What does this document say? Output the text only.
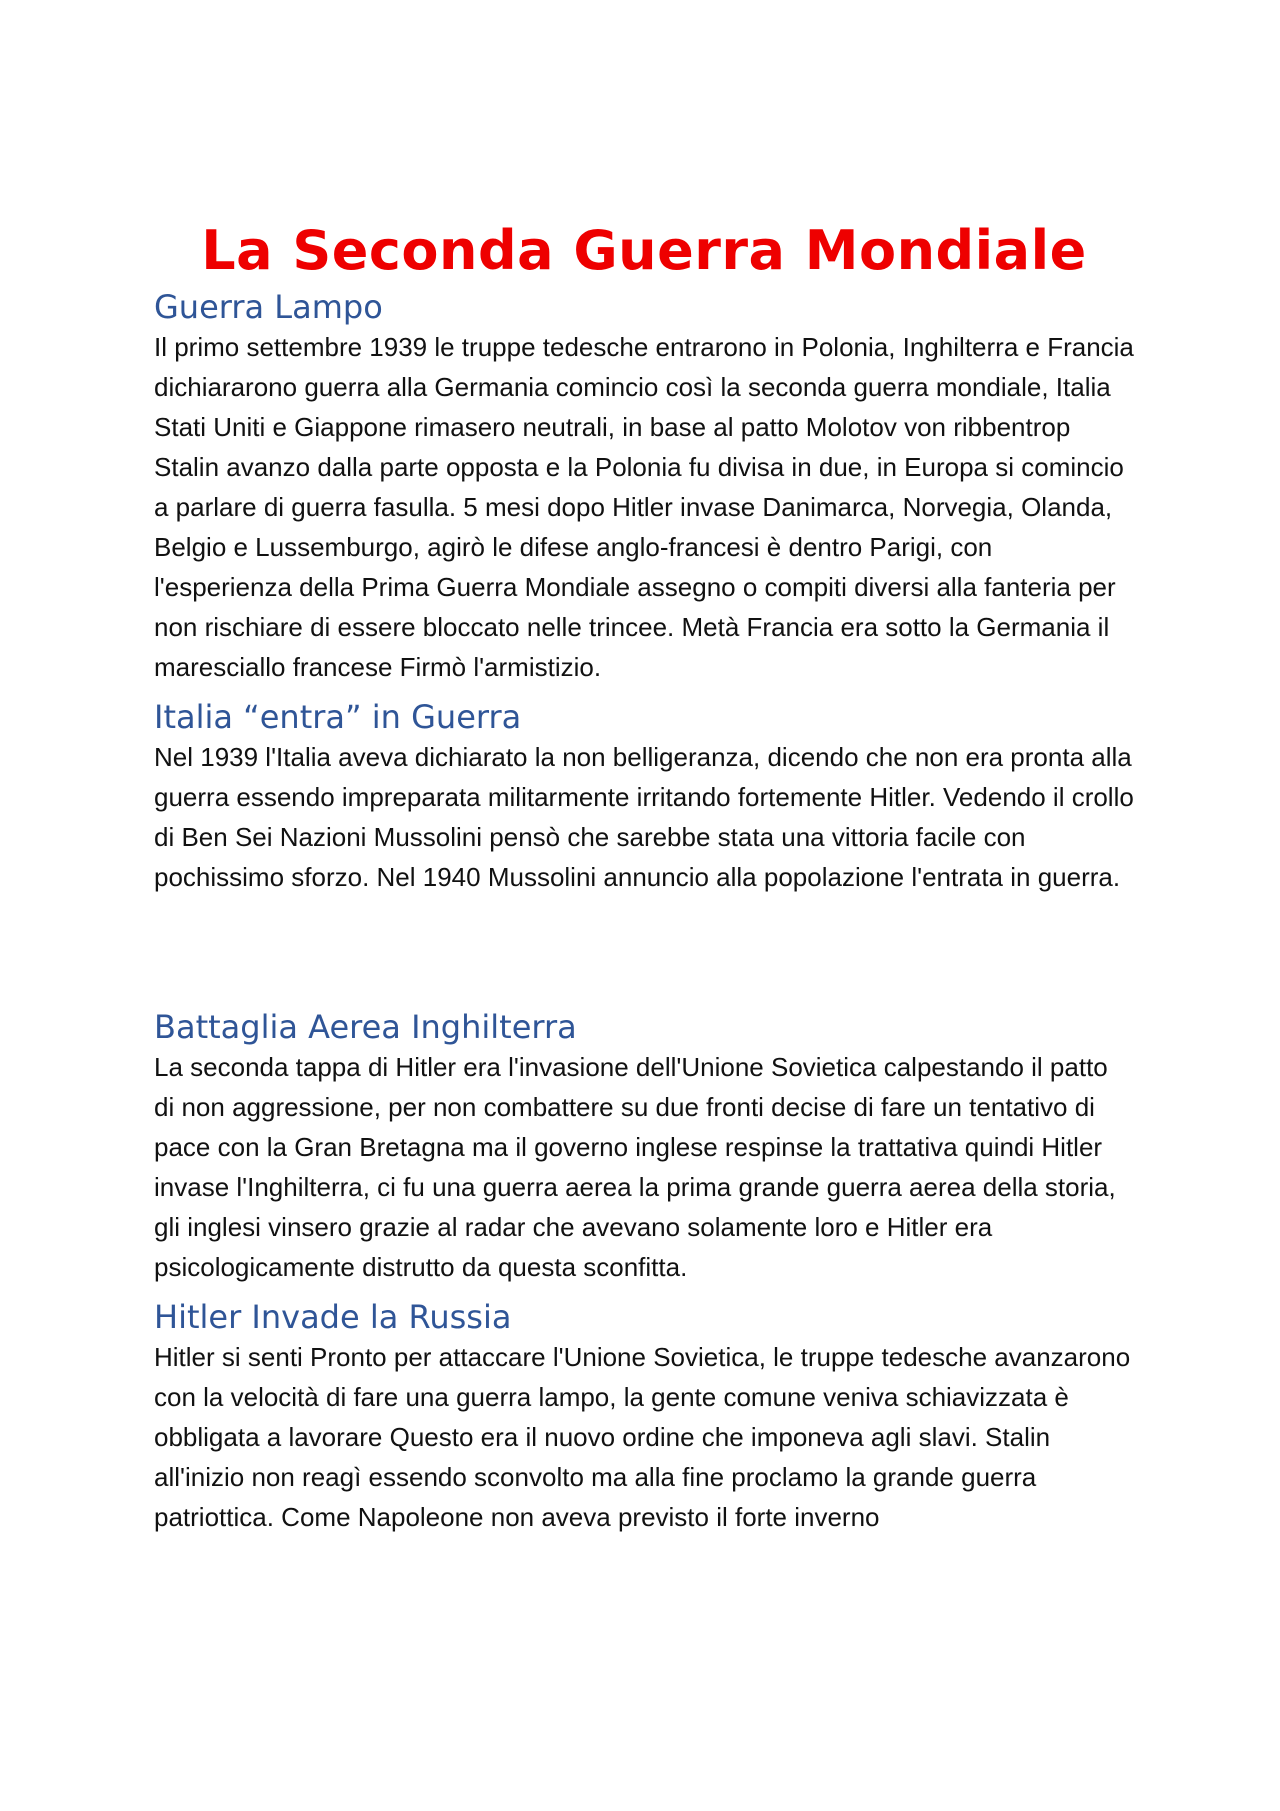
La Seconda Guerra Mondiale
Guerra Lampo

Il primo settembre 1939 le truppe tedesche entrarono in Polonia, Inghilterra e Francia dichiararono guerra alla Germania comincio così la seconda guerra mondiale, Italia Stati Uniti e Giappone rimasero neutrali, in base al patto Molotov von ribbentrop Stalin avanzo dalla parte opposta e la Polonia fu divisa in due, in Europa si comincio a parlare di guerra fasulla. 5 mesi dopo Hitler invase Danimarca, Norvegia, Olanda, Belgio e Lussemburgo, agirò le difese anglo-francesi è dentro Parigi, con l'esperienza della Prima Guerra Mondiale assegno o compiti diversi alla fanteria per non rischiare di essere bloccato nelle trincee. Metà Francia era sotto la Germania il maresciallo francese Firmò l'armistizio.

Italia “entra” in Guerra

Nel 1939 l'Italia aveva dichiarato la non belligeranza, dicendo che non era pronta alla guerra essendo impreparata militarmente irritando fortemente Hitler. Vedendo il crollo di Ben Sei Nazioni Mussolini pensò che sarebbe stata una vittoria facile con pochissimo sforzo. Nel 1940 Mussolini annuncio alla popolazione l'entrata in guerra.

Battaglia Aerea Inghilterra

La seconda tappa di Hitler era l'invasione dell'Unione Sovietica calpestando il patto di non aggressione, per non combattere su due fronti decise di fare un tentativo di pace con la Gran Bretagna ma il governo inglese respinse la trattativa quindi Hitler invase l'Inghilterra, ci fu una guerra aerea la prima grande guerra aerea della storia, gli inglesi vinsero grazie al radar che avevano solamente loro e Hitler era psicologicamente distrutto da questa sconfitta.

Hitler Invade la Russia

Hitler si senti Pronto per attaccare l'Unione Sovietica, le truppe tedesche avanzarono con la velocità di fare una guerra lampo, la gente comune veniva schiavizzata è obbligata a lavorare Questo era il nuovo ordine che imponeva agli slavi. Stalin all'inizio non reagì essendo sconvolto ma alla fine proclamo la grande guerra patriottica. Come Napoleone non aveva previsto il forte inverno
